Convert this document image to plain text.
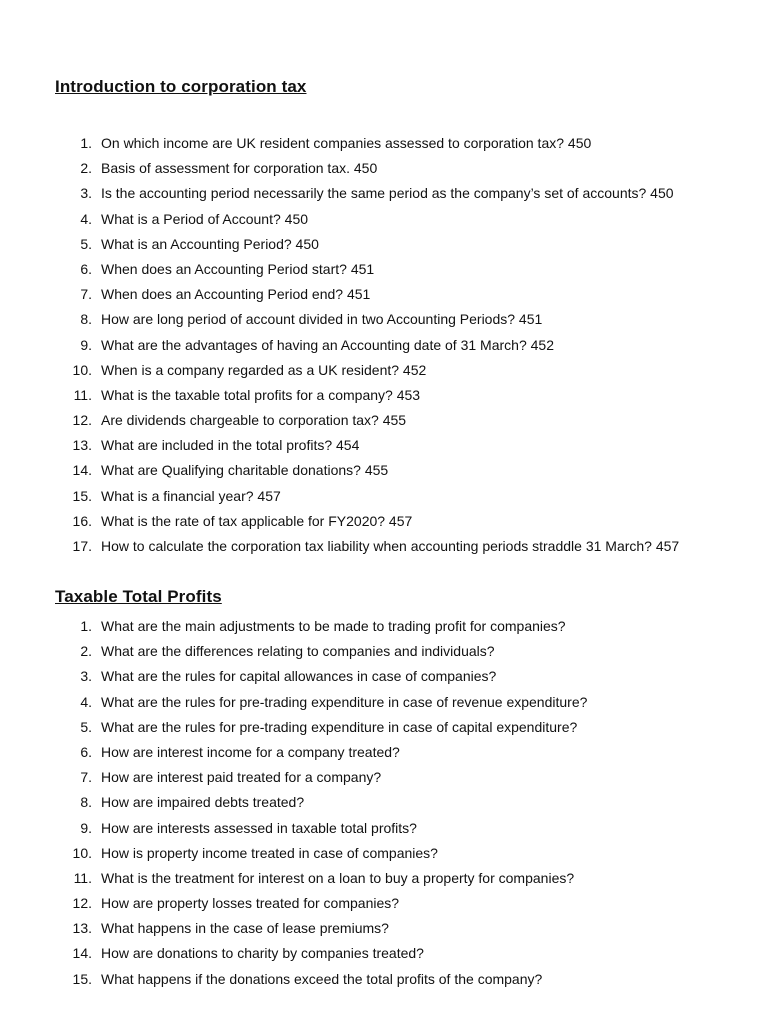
Introduction to corporation tax
1. On which income are UK resident companies assessed to corporation tax? 450
2. Basis of assessment for corporation tax. 450
3. Is the accounting period necessarily the same period as the company’s set of accounts? 450
4. What is a Period of Account? 450
5. What is an Accounting Period? 450
6. When does an Accounting Period start? 451
7. When does an Accounting Period end? 451
8. How are long period of account divided in two Accounting Periods? 451
9. What are the advantages of having an Accounting date of 31 March? 452
10. When is a company regarded as a UK resident? 452
11. What is the taxable total profits for a company? 453
12. Are dividends chargeable to corporation tax? 455
13. What are included in the total profits? 454
14. What are Qualifying charitable donations? 455
15. What is a financial year? 457
16. What is the rate of tax applicable for FY2020? 457
17. How to calculate the corporation tax liability when accounting periods straddle 31 March? 457
Taxable Total Profits
1. What are the main adjustments to be made to trading profit for companies?
2. What are the differences relating to companies and individuals?
3. What are the rules for capital allowances in case of companies?
4. What are the rules for pre-trading expenditure in case of revenue expenditure?
5. What are the rules for pre-trading expenditure in case of capital expenditure?
6. How are interest income for a company treated?
7. How are interest paid treated for a company?
8. How are impaired debts treated?
9. How are interests assessed in taxable total profits?
10. How is property income treated in case of companies?
11. What is the treatment for interest on a loan to buy a property for companies?
12. How are property losses treated for companies?
13. What happens in the case of lease premiums?
14. How are donations to charity by companies treated?
15. What happens if the donations exceed the total profits of the company?
